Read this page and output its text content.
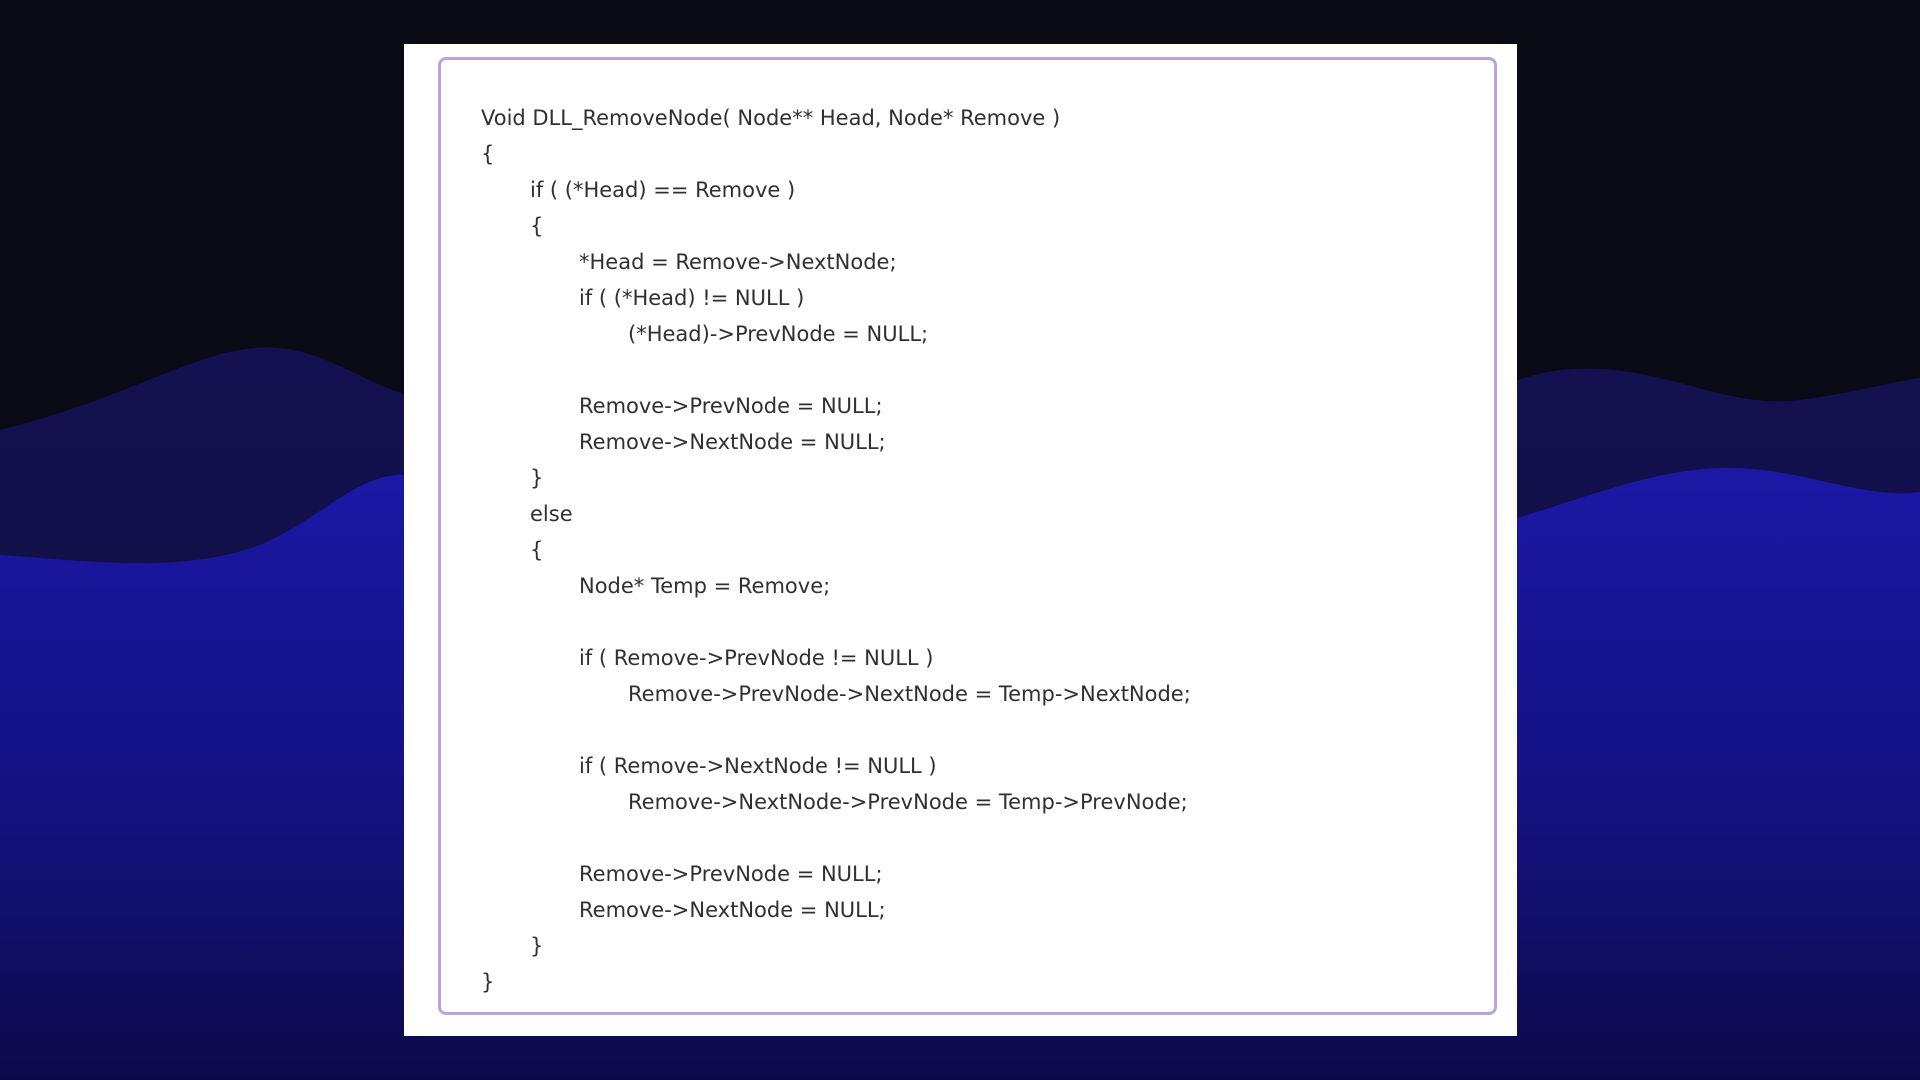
Void DLL_RemoveNode( Node** Head, Node* Remove )
{
if ( (*Head) == Remove )
{
*Head = Remove->NextNode;
if ( (*Head) != NULL )
(*Head)->PrevNode = NULL;
Remove->PrevNode = NULL;
Remove->NextNode = NULL;
}
else
{
Node* Temp = Remove;
if ( Remove->PrevNode != NULL )
Remove->PrevNode->NextNode = Temp->NextNode;
if ( Remove->NextNode != NULL )
Remove->NextNode->PrevNode = Temp->PrevNode;
Remove->PrevNode = NULL;
Remove->NextNode = NULL;
}
}
